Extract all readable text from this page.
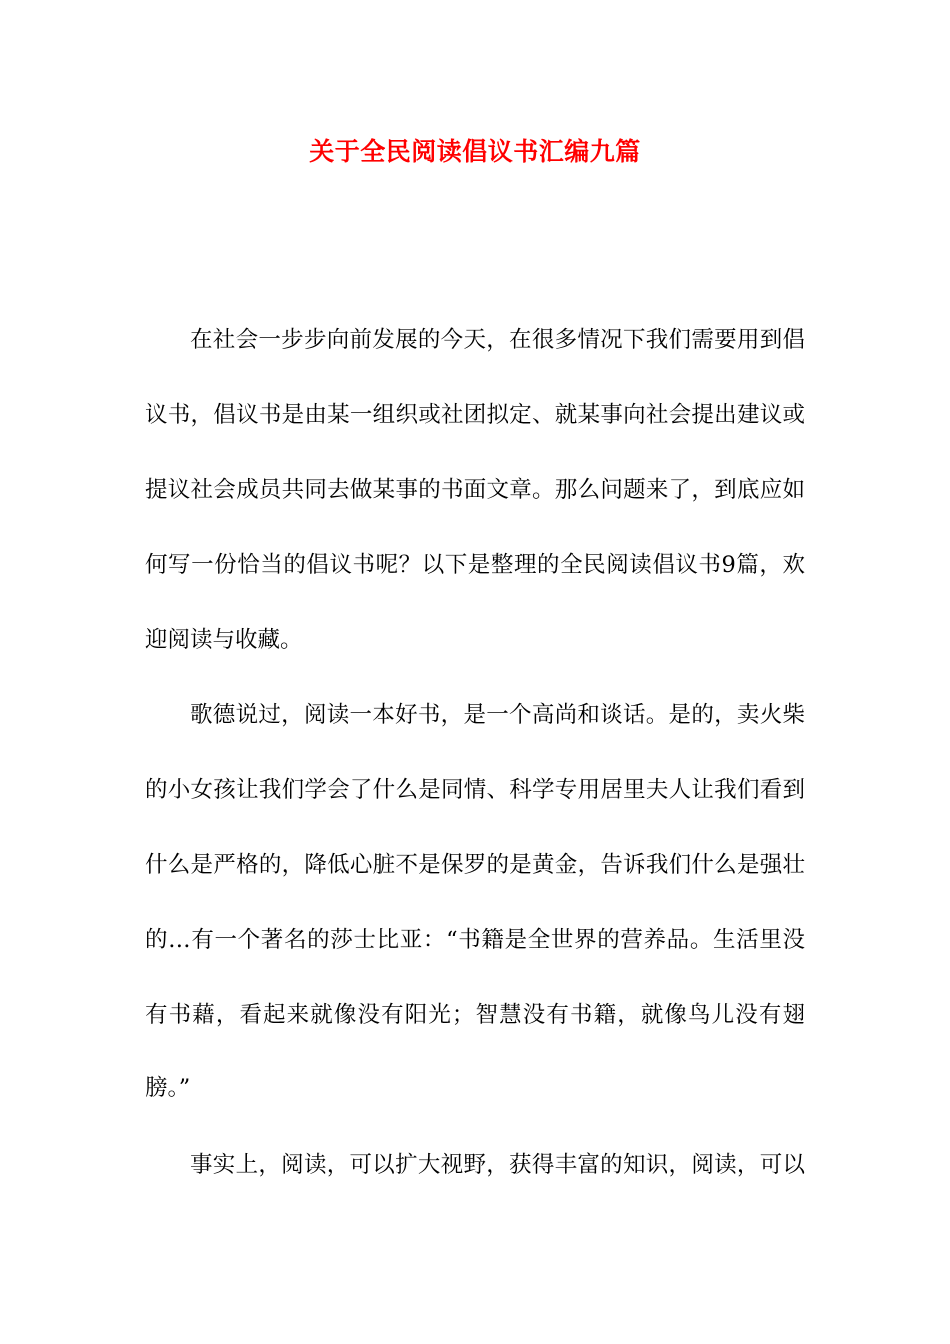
关于全民阅读倡议书汇编九篇
在社会一步步向前发展的今天，在很多情况下我们需要用到倡
议书，倡议书是由某一组织或社团拟定、就某事向社会提出建议或
提议社会成员共同去做某事的书面文章。那么问题来了，到底应如
何写一份恰当的倡议书呢？以下是整理的全民阅读倡议书9篇，欢
迎阅读与收藏。
歌德说过，阅读一本好书，是一个高尚和谈话。是的，卖火柴
的小女孩让我们学会了什么是同情、科学专用居里夫人让我们看到
什么是严格的，降低心脏不是保罗的是黄金，告诉我们什么是强壮
的…有一个著名的莎士比亚：“书籍是全世界的营养品。生活里没
有书藉，看起来就像没有阳光；智慧没有书籍，就像鸟儿没有翅
膀。”
事实上，阅读，可以扩大视野，获得丰富的知识，阅读，可以
